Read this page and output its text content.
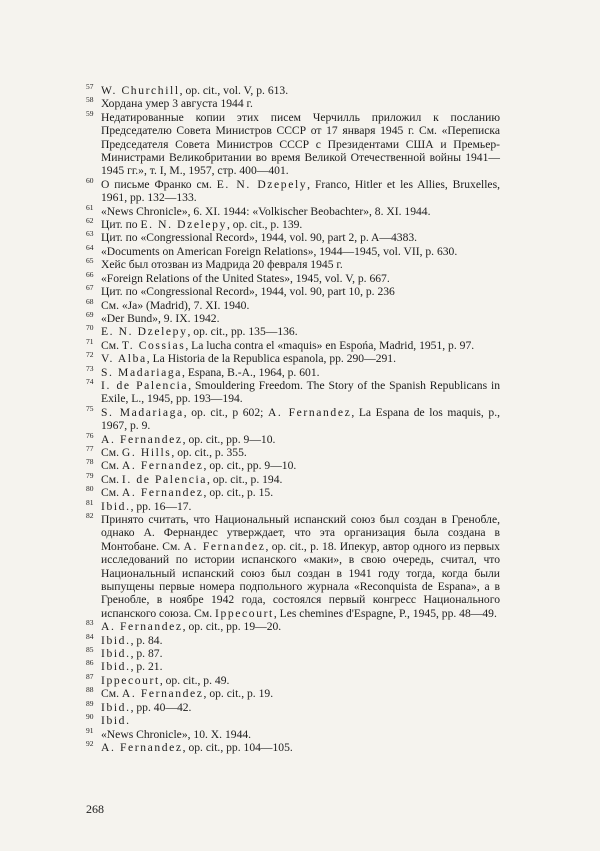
57 W. Churchill, op. cit., vol. V, p. 613.
58 Хордана умер 3 августа 1944 г.
59 Недатированные копии этих писем Черчилль приложил к посланию Председателю Совета Министров СССР от 17 января 1945 г. См. «Переписка Председателя Совета Министров СССР с Президентами США и Премьер-Министрами Великобритании во время Великой Отечественной войны 1941—1945 гг.», т. I, M., 1957, стр. 400—401.
60 О письме Франко см. E. N. Dzepely, Franco, Hitler et les Allies, Bruxelles, 1961, pp. 132—133.
61 «News Chronicle», 6. XI. 1944: «Volkischer Beobachter», 8. XI. 1944.
62 Цит. по E. N. Dzelepy, op. cit., p. 139.
63 Цит. по «Congressional Record», 1944, vol. 90, part 2, p. A—4383.
64 «Documents on American Foreign Relations», 1944—1945, vol. VII, p. 630.
65 Хейс был отозван из Мадрида 20 февраля 1945 г.
66 «Foreign Relations of the United States», 1945, vol. V, p. 667.
67 Цит. по «Congressional Record», 1944, vol. 90, part 10, p. 236
68 См. «Ja» (Madrid), 7. XI. 1940.
69 «Der Bund», 9. IX. 1942.
70 E. N. Dzelepy, op. cit., pp. 135—136.
71 См. T. Cossias, La lucha contra el «maquis» en Espоńа, Madrid, 1951, p. 97.
72 V. Alba, La Historia de la Republica espanola, pp. 290—291.
73 S. Madariaga, Espana, B.-A., 1964, p. 601.
74 I. de Palencia, Smouldering Freedom. The Story of the Spanish Republicans in Exile, L., 1945, pp. 193—194.
75 S. Madariaga, op. cit., p 602; A. Fernandez, La Espana de los maquis, p., 1967, p. 9.
76 A. Fernandez, op. cit., pp. 9—10.
77 См. G. Hills, op. cit., p. 355.
78 См. A. Fernandez, op. cit., pp. 9—10.
79 См. I. de Palencia, op. cit., p. 194.
80 См. A. Fernandez, op. cit., p. 15.
81 Ibid., pp. 16—17.
82 Принято считать, что Национальный испанский союз был создан в Гренобле, однако А. Фернандес утверждает, что эта организация была создана в Монтобане. См. A. Fernandez, op. cit., p. 18. Ипекур, автор одного из первых исследований по истории испанского «маки», в свою очередь, считал, что Национальный испанский союз был создан в 1941 году тогда, когда были выпущены первые номера подпольного журнала «Reconquista de Espana», а в Гренобле, в ноябре 1942 года, состоялся первый конгресс Национального испанского союза. См. Ippecourt, Les chemines d'Espagne, P., 1945, pp. 48—49.
83 A. Fernandez, op. cit., pp. 19—20.
84 Ibid., p. 84.
85 Ibid., p. 87.
86 Ibid., p. 21.
87 Ippecourt, op. cit., p. 49.
88 См. A. Fernandez, op. cit., p. 19.
89 Ibid., pp. 40—42.
90 Ibid.
91 «News Chronicle», 10. X. 1944.
92 A. Fernandez, op. cit., pp. 104—105.
268
